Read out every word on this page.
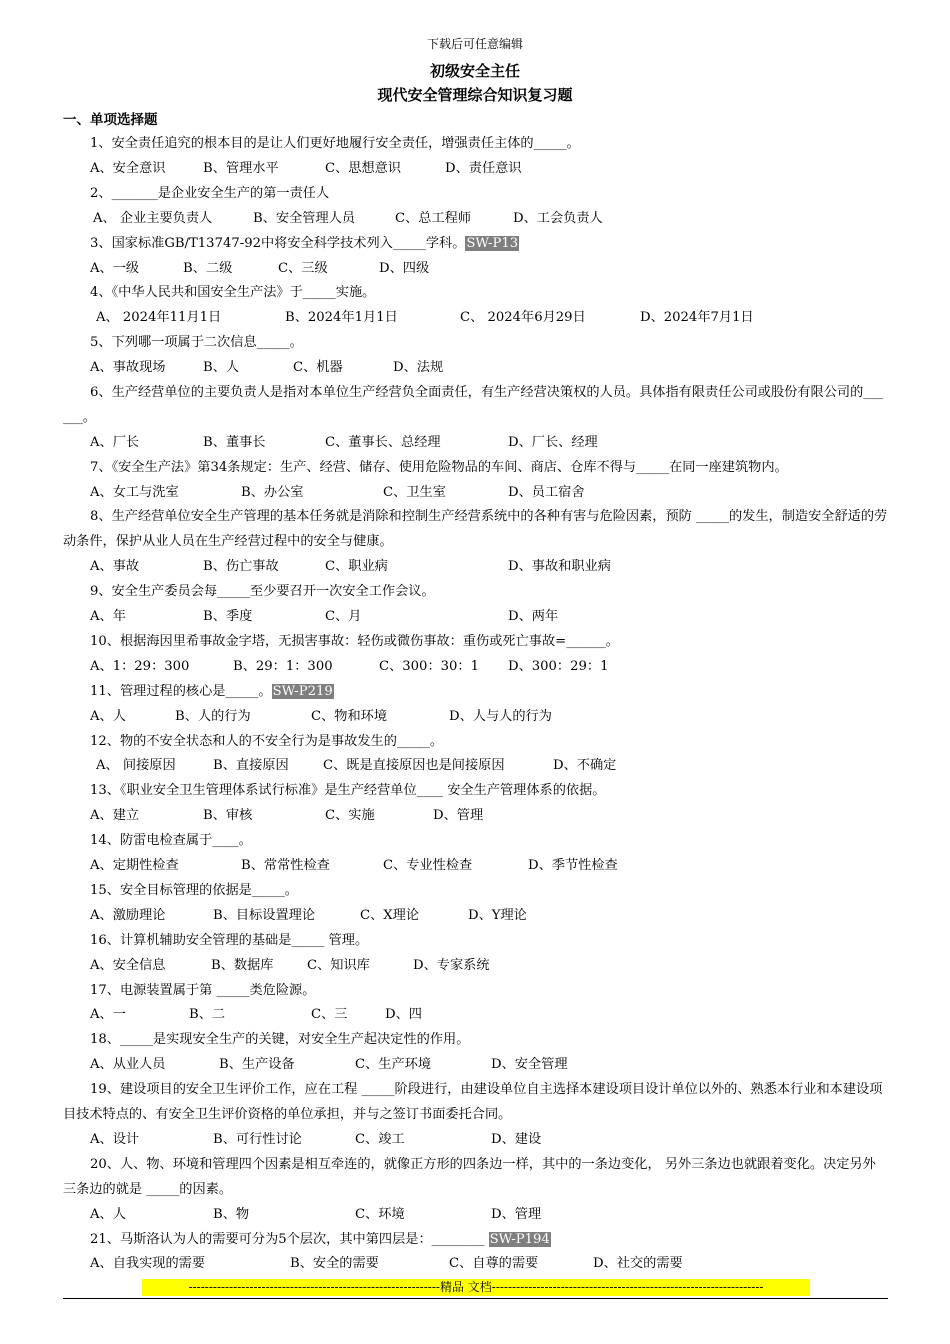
下载后可任意编辑
初级安全主任
现代安全管理综合知识复习题
一、单项选择题
1、安全责任追究的根本目的是让人们更好地履行安全责任，增强责任主体的_____。
A、安全意识	B、管理水平	C、思想意识	D、责任意识
2、_______是企业安全生产的第一责任人
A、 企业主要负责人	B、安全管理人员	C、总工程师	D、工会负责人
3、国家标准GB/T13747-92中将安全科学技术列入_____学科。SW-P13
A、一级	B、二级	C、三级	D、四级
4、《中华人民共和国安全生产法》于_____实施。
A、 2024年11月1日	B、2024年1月1日	C、 2024年6月29日	D、2024年7月1日
5、下列哪一项属于二次信息_____。
A、事故现场	B、人	C、机器	D、法规
6、生产经营单位的主要负责人是指对本单位生产经营负全面责任，有生产经营决策权的人员。具体指有限责任公司或股份有限公司的______。
A、厂长	B、董事长	C、董事长、总经理	D、厂长、经理
7、《安全生产法》第34条规定：生产、经营、储存、使用危险物品的车间、商店、仓库不得与_____在同一座建筑物内。
A、女工与洗室	B、办公室	C、卫生室	D、员工宿舍
8、生产经营单位安全生产管理的基本任务就是消除和控制生产经营系统中的各种有害与危险因素，预防 _____的发生，制造安全舒适的劳动条件，保护从业人员在生产经营过程中的安全与健康。
A、事故	B、伤亡事故	C、职业病	D、事故和职业病
9、安全生产委员会每_____至少要召开一次安全工作会议。
A、年	B、季度	C、月	D、两年
10、根据海因里希事故金字塔，无损害事故：轻伤或微伤事故：重伤或死亡事故=______。
A、1：29：300	B、29：1：300	C、300：30：1 D、300：29：1
11、管理过程的核心是_____。SW-P219
A、人	B、人的行为	C、物和环境	D、人与人的行为
12、物的不安全状态和人的不安全行为是事故发生的_____。
A、 间接原因	B、直接原因	C、既是直接原因也是间接原因	D、不确定
13、《职业安全卫生管理体系试行标准》是生产经营单位____ 安全生产管理体系的依据。
A、建立	B、审核	C、实施	D、管理
14、防雷电检查属于____。
A、定期性检查	B、常常性检查	C、专业性检查	D、季节性检查
15、安全目标管理的依据是_____。
A、激励理论	B、目标设置理论	C、X理论	D、Y理论
16、计算机辅助安全管理的基础是_____ 管理。
A、安全信息	B、数据库	C、知识库	D、专家系统
17、电源装置属于第 _____类危险源。
A、一	B、二	C、三	D、四
18、_____是实现安全生产的关键，对安全生产起决定性的作用。
A、从业人员	B、生产设备	C、生产环境	D、安全管理
19、建设项目的安全卫生评价工作，应在工程 _____阶段进行，由建设单位自主选择本建设项目设计单位以外的、熟悉本行业和本建设项目技术特点的、有安全卫生评价资格的单位承担，并与之签订书面委托合同。
A、设计	B、可行性讨论	C、竣工	D、建设
20、人、物、环境和管理四个因素是相互牵连的，就像正方形的四条边一样，其中的一条边变化， 另外三条边也就跟着变化。决定另外三条边的就是 _____的因素。
A、人	B、物	C、环境	D、管理
21、马斯洛认为人的需要可分为5个层次，其中第四层是：________ SW-P194
A、自我实现的需要	B、安全的需要	C、自尊的需要	D、社交的需要
--------------------------------------------------------------精品 文档-------------------------------------------------------------------
